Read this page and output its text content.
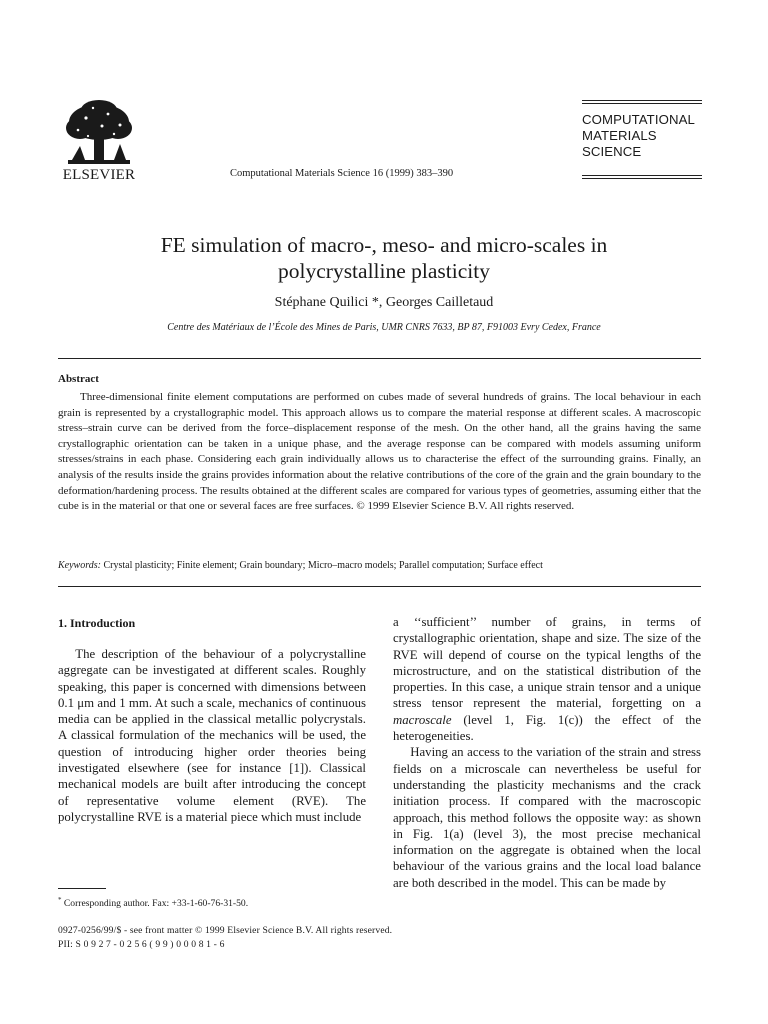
ELSEVIER	Computational Materials Science 16 (1999) 383–390
COMPUTATIONAL
MATERIALS
SCIENCE
FE simulation of macro-, meso- and micro-scales in
polycrystalline plasticity
Stéphane Quilici *, Georges Cailletaud
Centre des Matériaux de l’École des Mines de Paris, UMR CNRS 7633, BP 87, F91003 Evry Cedex, France
Abstract
Three-dimensional finite element computations are performed on cubes made of several hundreds of grains. The local behaviour in each grain is represented by a crystallographic model. This approach allows us to compare the material response at different scales. A macroscopic stress–strain curve can be derived from the force–displacement response of the mesh. On the other hand, all the grains having the same crystallographic orientation can be taken in a unique phase, and the average response can be compared with models assuming uniform stresses/strains in each phase. Considering each grain individually allows us to characterise the effect of the surrounding grains. Finally, an analysis of the results inside the grains provides information about the relative contributions of the core of the grain and the grain boundary to the deformation/hardening process. The results obtained at the different scales are compared for various types of geometries, assuming either that the cube is in the material or that one or several faces are free surfaces. © 1999 Elsevier Science B.V. All rights reserved.
Keywords: Crystal plasticity; Finite element; Grain boundary; Micro–macro models; Parallel computation; Surface effect
1. Introduction

The description of the behaviour of a polycrystalline aggregate can be investigated at different scales. Roughly speaking, this paper is concerned with dimensions between 0.1 μm and 1 mm. At such a scale, mechanics of continuous media can be applied in the classical metallic polycrystals. A classical formulation of the mechanics will be used, the question of introducing higher order theories being investigated elsewhere (see for instance [1]). Classical mechanical models are built after introducing the concept of representative volume element (RVE). The polycrystalline RVE is a material piece which must include

a ‘‘sufficient’’ number of grains, in terms of crystallographic orientation, shape and size. The size of the RVE will depend of course on the typical lengths of the microstructure, and on the statistical distribution of the properties. In this case, a unique strain tensor and a unique stress tensor represent the material, forgetting on a macroscale (level 1, Fig. 1(c)) the effect of the heterogeneities.

Having an access to the variation of the strain and stress fields on a microscale can nevertheless be useful for understanding the plasticity mechanisms and the crack initiation process. If compared with the macroscopic approach, this method follows the opposite way: as shown in Fig. 1(a) (level 3), the most precise mechanical information on the aggregate is obtained when the local behaviour of the various grains and the local load balance are both described in the model. This can be made by

* Corresponding author. Fax: +33-1-60-76-31-50.
0927-0256/99/$ - see front matter © 1999 Elsevier Science B.V. All rights reserved.
PII: S 0 9 2 7 - 0 2 5 6 ( 9 9 ) 0 0 0 8 1 - 6
